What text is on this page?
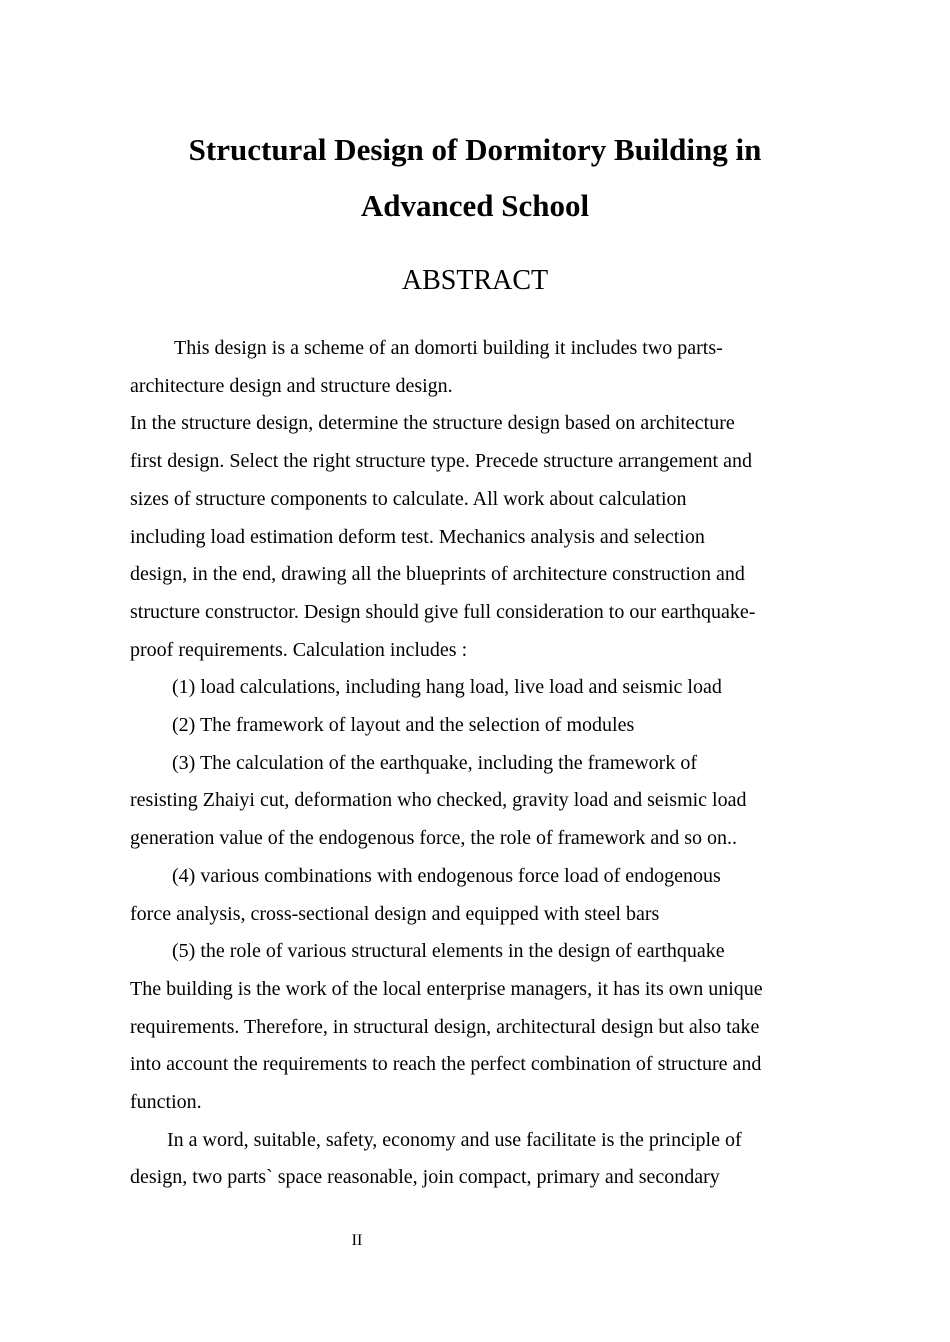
Structural Design of Dormitory Building in
Advanced School
ABSTRACT

This design is a scheme of an domorti building it includes two parts-

architecture design and structure design.

In the structure design, determine the structure design based on architecture

first design. Select the right structure type. Precede structure arrangement and

sizes of structure components to calculate. All work about calculation

including load estimation deform test. Mechanics analysis and selection

design, in the end, drawing all the blueprints of architecture construction and

structure constructor. Design should give full consideration to our earthquake-

proof requirements. Calculation includes :

(1) load calculations, including hang load, live load and seismic load

(2) The framework of layout and the selection of modules

(3) The calculation of the earthquake, including the framework of

resisting Zhaiyi cut, deformation who checked, gravity load and seismic load

generation value of the endogenous force, the role of framework and so on..

(4) various combinations with endogenous force load of endogenous

force analysis, cross-sectional design and equipped with steel bars

(5) the role of various structural elements in the design of earthquake

The building is the work of the local enterprise managers, it has its own unique

requirements. Therefore, in structural design, architectural design but also take

into account the requirements to reach the perfect combination of structure and

function.

In a word, suitable, safety, economy and use facilitate is the principle of

design, two parts` space reasonable, join compact, primary and secondary

II
